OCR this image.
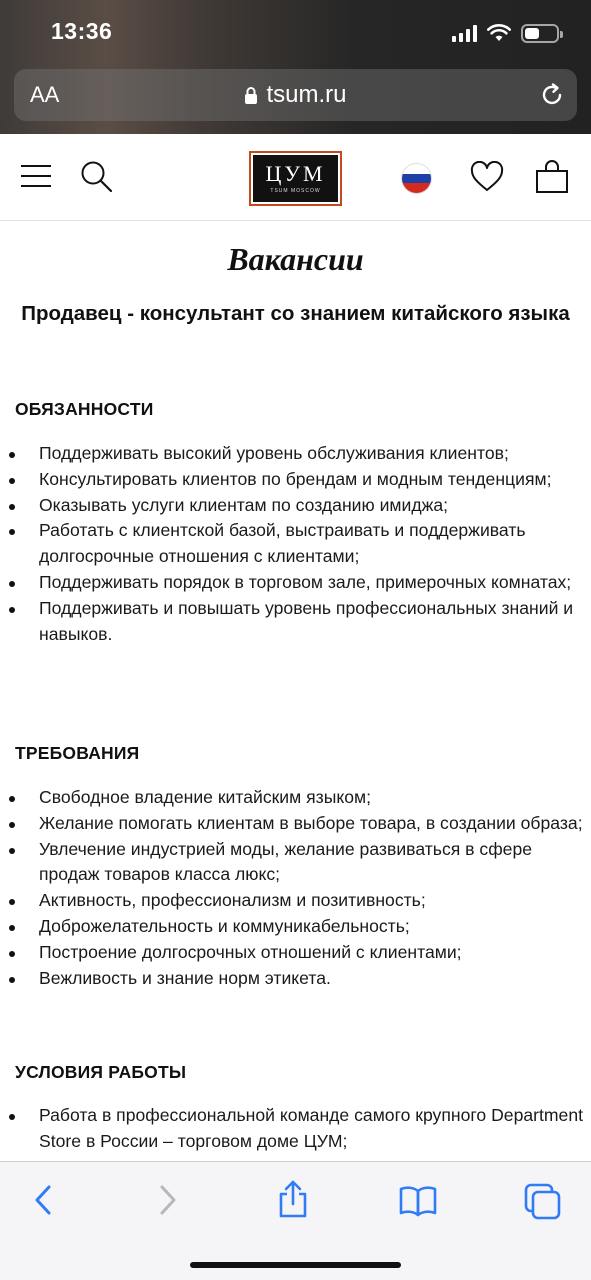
13:36
AA	tsum.ru
ЦУМ
TSUM MOSCOW
Вакансии
Продавец - консультант со знанием китайского языка
ОБЯЗАННОСТИ
Поддерживать высокий уровень обслуживания клиентов;
Консультировать клиентов по брендам и модным тенденциям;
Оказывать услуги клиентам по созданию имиджа;
Работать с клиентской базой, выстраивать и поддерживать долгосрочные отношения с клиентами;
Поддерживать порядок в торговом зале, примерочных комнатах;
Поддерживать и повышать уровень профессиональных знаний и навыков.
ТРЕБОВАНИЯ
Свободное владение китайским языком;
Желание помогать клиентам в выборе товара, в создании образа;
Увлечение индустрией моды, желание развиваться в сфере продаж товаров класса люкс;
Активность, профессионализм и позитивность;
Доброжелательность и коммуникабельность;
Построение долгосрочных отношений с клиентами;
Вежливость и знание норм этикета.
УСЛОВИЯ РАБОТЫ
Работа в профессиональной команде самого крупного Department Store в России – торговом доме ЦУМ;
